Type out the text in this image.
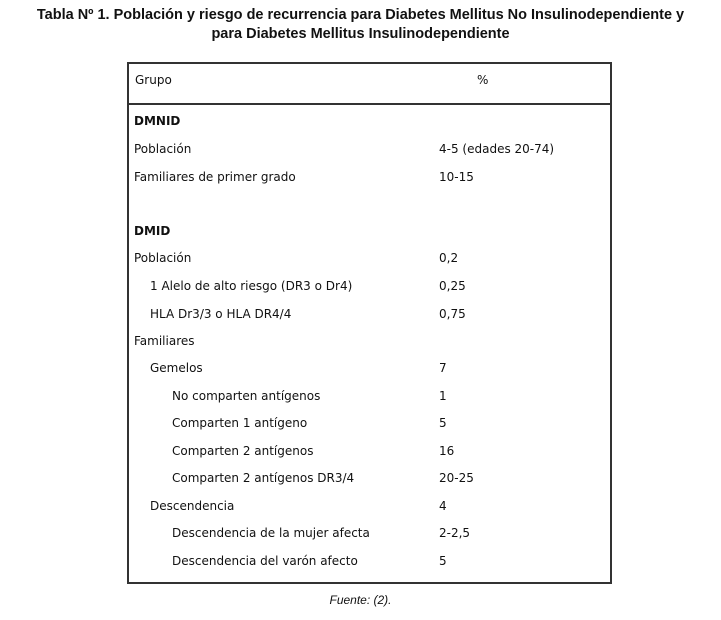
Tabla Nº 1. Población y riesgo de recurrencia para Diabetes Mellitus No Insulinodependiente y
para Diabetes Mellitus Insulinodependiente
Grupo	%
DMNID
Población	4-5 (edades 20-74)
Familiares de primer grado	10-15
DMID
Población	0,2
1 Alelo de alto riesgo (DR3 o Dr4)	0,25
HLA Dr3/3 o HLA DR4/4	0,75
Familiares
Gemelos	7
No comparten antígenos	1
Comparten 1 antígeno	5
Comparten 2 antígenos	16
Comparten 2 antígenos DR3/4	20-25
Descendencia	4
Descendencia de la mujer afecta	2-2,5
Descendencia del varón afecto	5
Fuente: (2).
